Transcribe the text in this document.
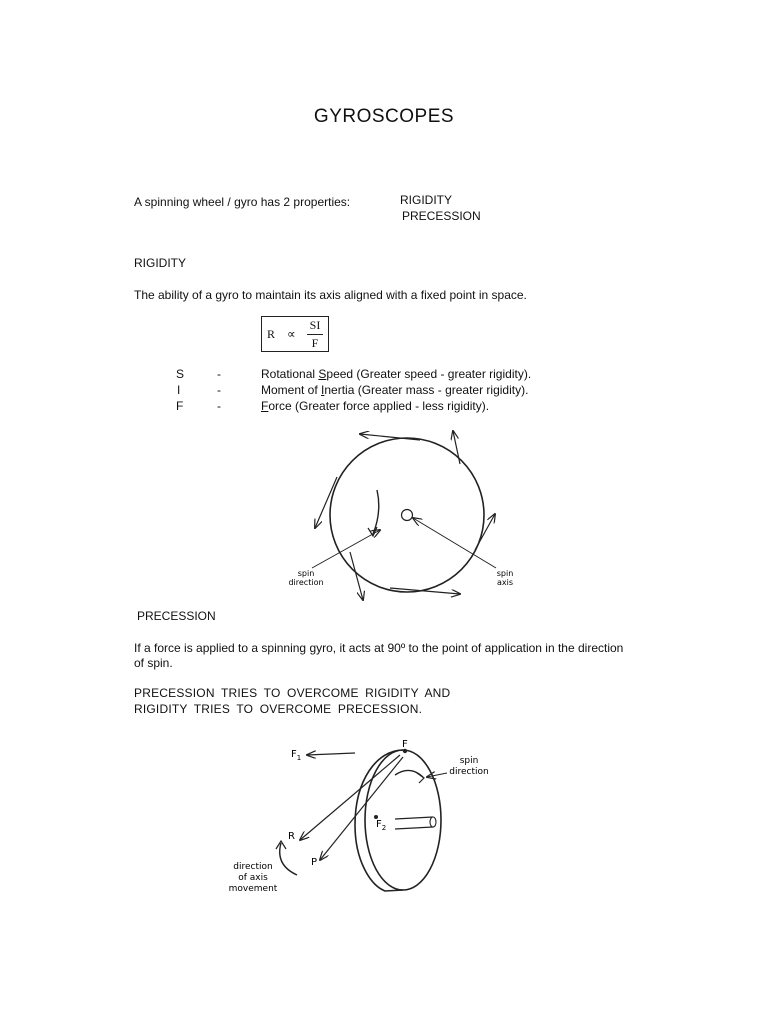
GYROSCOPES
A spinning wheel / gyro has 2 properties:	RIGIDITY
PRECESSION
RIGIDITY
The ability of a gyro to maintain its axis aligned with a fixed point in space.
R ∝
SI
F
S	-	Rotational Speed (Greater speed - greater rigidity).
I	-	Moment of Inertia (Greater mass - greater rigidity).
F	-	Force (Greater force applied - less rigidity).
spin
direction
spin
axis
PRECESSION
If a force is applied to a spinning gyro, it acts at 90º to the point of application in the direction
of spin.
PRECESSION TRIES TO OVERCOME RIGIDITY AND
RIGIDITY TRIES TO OVERCOME PRECESSION.
$F_1$
F
$F_2$
R
P
spin
direction
direction
of axis
movement
